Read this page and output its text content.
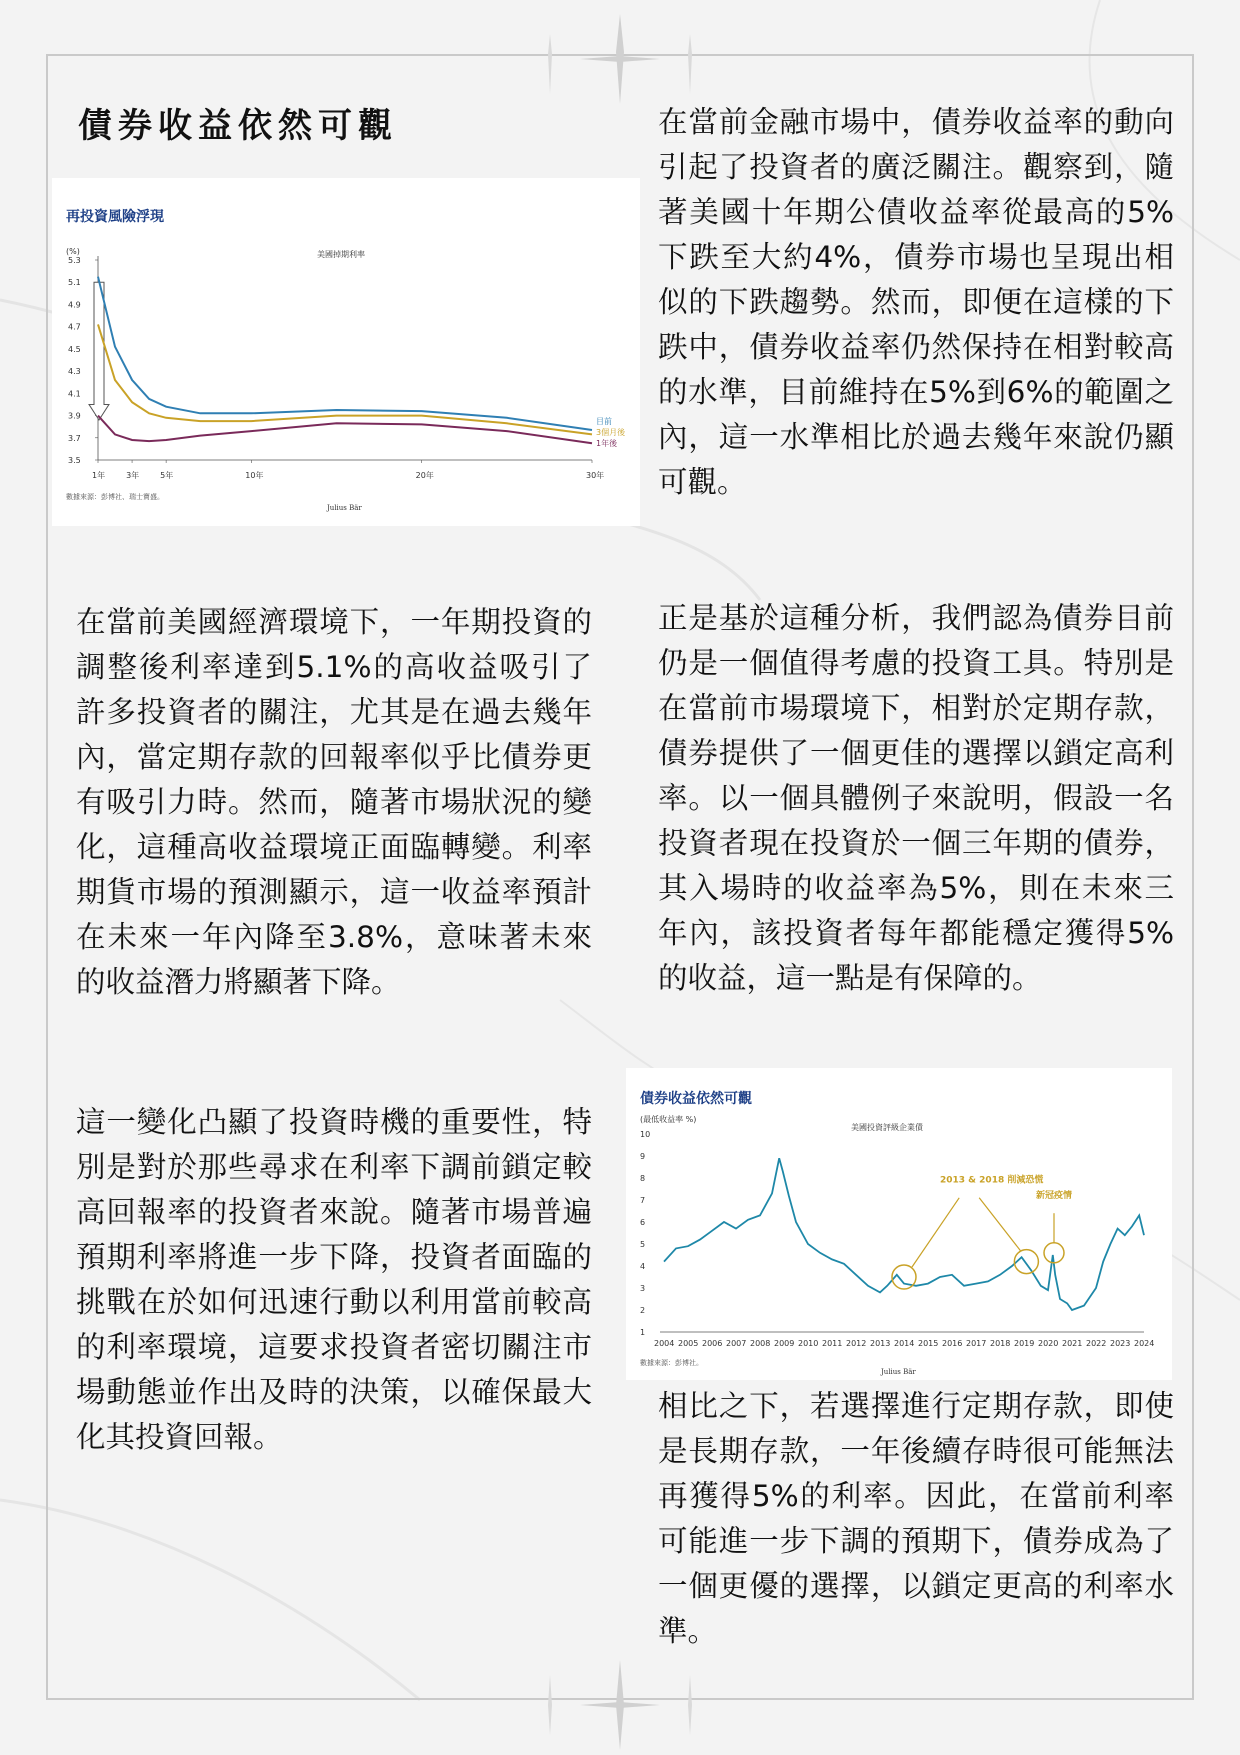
債券收益依然可觀
再投資風險浮現
美國掉期利率
(%)
5.3
5.1
4.9
4.7
4.5
4.3
4.1
3.9
3.7
3.5
1年	3年	5年	10年	20年	30年
目前
3個月後
1年後
數據來源：彭博社、瑞士寶盛。
Julius Bär
債券收益依然可觀
美國投資評級企業債
(最低收益率 %)
10
9
8
7
6
5
4
3
2
1
2004 2005 2006 2007 2008 2009 2010 2011 2012 2013 2014 2015 2016 2017 2018 2019 2020 2021 2022 2023 2024
2013 & 2018 削減恐慌
新冠疫情
數據來源：彭博社。
Julius Bär

在當前美國經濟環境下，一年期投資的調整後利率達到5.1%的高收益吸引了許多投資者的關注，尤其是在過去幾年內，當定期存款的回報率似乎比債券更有吸引力時。然而，隨著市場狀況的變化，這種高收益環境正面臨轉變。利率期貨市場的預測顯示，這一收益率預計在未來一年內降至3.8%，意味著未來的收益潛力將顯著下降。

這一變化凸顯了投資時機的重要性，特別是對於那些尋求在利率下調前鎖定較高回報率的投資者來說。隨著市場普遍預期利率將進一步下降，投資者面臨的挑戰在於如何迅速行動以利用當前較高的利率環境，這要求投資者密切關注市場動態並作出及時的決策，以確保最大化其投資回報。

在當前金融市場中，債券收益率的動向引起了投資者的廣泛關注。觀察到，隨著美國十年期公債收益率從最高的5%下跌至大約4%，債券市場也呈現出相似的下跌趨勢。然而，即便在這樣的下跌中，債券收益率仍然保持在相對較高的水準，目前維持在5%到6%的範圍之內，這一水準相比於過去幾年來說仍顯可觀。

正是基於這種分析，我們認為債券目前仍是一個值得考慮的投資工具。特別是在當前市場環境下，相對於定期存款，債券提供了一個更佳的選擇以鎖定高利率。以一個具體例子來說明，假設一名投資者現在投資於一個三年期的債券，其入場時的收益率為5%，則在未來三年內，該投資者每年都能穩定獲得5%的收益，這一點是有保障的。

相比之下，若選擇進行定期存款，即使是長期存款，一年後續存時很可能無法再獲得5%的利率。因此，在當前利率可能進一步下調的預期下，債券成為了一個更優的選擇，以鎖定更高的利率水準。
